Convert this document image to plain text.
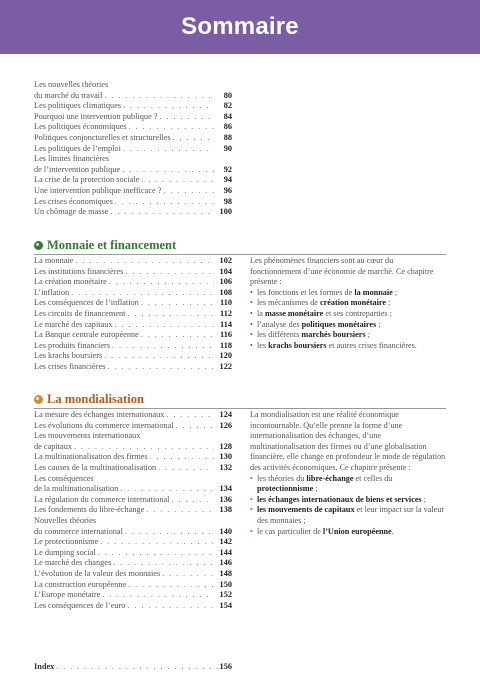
Sommaire
Les nouvelles théories
du marché du travail . . .	80
Les politiques climatiques . . .	82
Pourquoi une intervention publique ? . . .	84
Les politiques économiques . . .	86
Politiques conjoncturelles et structurelles . . .	88
Les politiques de l’emploi . . .	90
Les limites financières
de l’intervention publique . . .	92
La crise de la protection sociale . . .	94
Une intervention publique inefficace ? . . .	96
Les crises économiques . . .	98
Un chômage de masse . . .	100
Monnaie et financement
La monnaie . . .	102
Les institutions financières . . .	104
La création monétaire . . .	106
L’inflation . . .	108
Les conséquences de l’inflation . . .	110
Les circuits de financement . . .	112
Le marché des capitaux . . .	114
La Banque centrale européenne . . .	116
Les produits financiers . . .	118
Les krachs boursiers . . .	120
Les crises financières . . .	122

Les phénomènes financiers sont au cœur du fonctionnement d’une économie de marché. Ce chapitre présente :

• les fonctions et les formes de la monnaie ;
• les mécanismes de création monétaire ;
• la masse monétaire et ses contreparties ;
• l’analyse des politiques monétaires ;
• les différents marchés boursiers ;
• les krachs boursiers et autres crises financières.
La mondialisation
La mesure des échanges internationaux . . .	124
Les évolutions du commerce international . . .	126
Les mouvements internationaux
de capitaux . . .	128
La multinationalisation des firmes . . .	130
Les causes de la multinationalisation . . .	132
Les conséquences
de la multinationalisation . . .	134
La régulation du commerce international . . .	136
Les fondements du libre-échange . . .	138
Nouvelles théories
du commerce international . . .	140
Le protectionnisme . . .	142
Le dumping social . . .	144
Le marché des changes . . .	146
L’évolution de la valeur des monnaies . . .	148
La construction européenne . . .	150
L’Europe monétaire . . .	152
Les conséquences de l’euro . . .	154

La mondialisation est une réalité économique incontournable. Qu’elle prenne la forme d’une internationalisation des échanges, d’une multinationalisation des firmes ou d’une globalisation financière, elle change en profondeur le mode de régulation des activités économiques. Ce chapitre présente :

• les théories du libre-échange et celles du protectionnisme ;
• les échanges internationaux de biens et services ;
• les mouvements de capitaux et leur impact sur la valeur des monnaies ;
• le cas particulier de l’Union européenne.
Index . . .	156
